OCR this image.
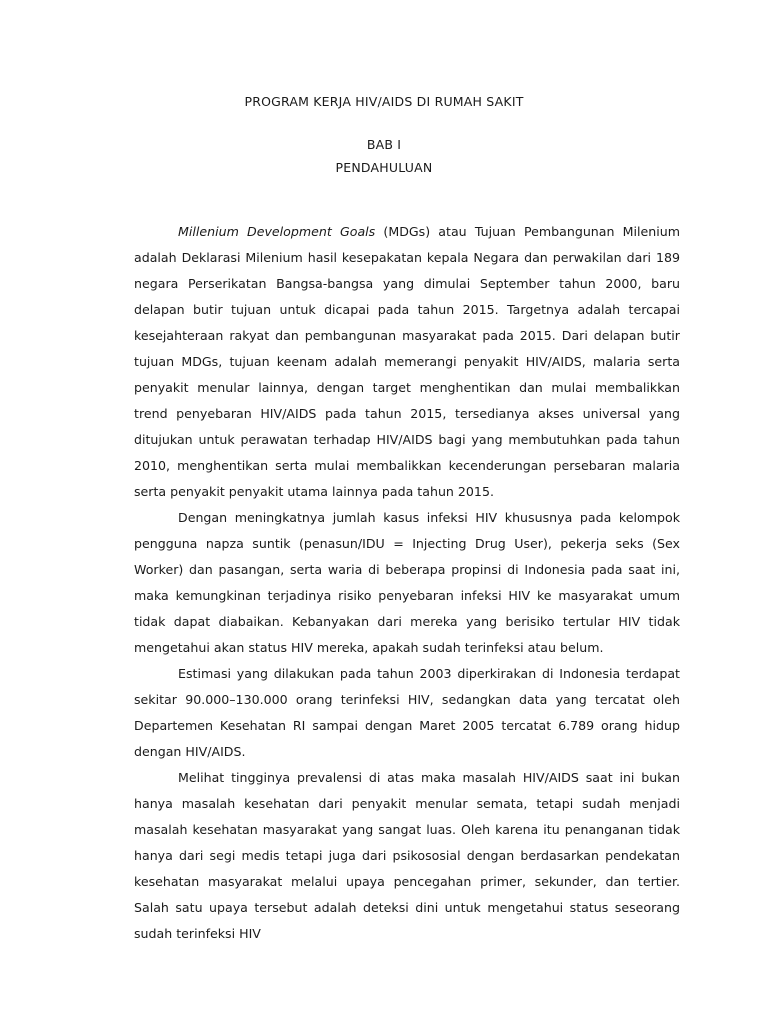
PROGRAM KERJA HIV/AIDS DI RUMAH SAKIT
BAB I
PENDAHULUAN

Millenium Development Goals (MDGs) atau Tujuan Pembangunan Milenium adalah Deklarasi Milenium hasil kesepakatan kepala Negara dan perwakilan dari 189 negara Perserikatan Bangsa-bangsa yang dimulai September tahun 2000, baru delapan butir tujuan untuk dicapai pada tahun 2015. Targetnya adalah tercapai kesejahteraan rakyat dan pembangunan masyarakat pada 2015. Dari delapan butir tujuan MDGs, tujuan keenam adalah memerangi penyakit HIV/AIDS, malaria serta penyakit menular lainnya, dengan target menghentikan dan mulai membalikkan trend penyebaran HIV/AIDS pada tahun 2015, tersedianya akses universal yang ditujukan untuk perawatan terhadap HIV/AIDS bagi yang membutuhkan pada tahun 2010, menghentikan serta mulai membalikkan kecenderungan persebaran malaria serta penyakit penyakit utama lainnya pada tahun 2015.

Dengan meningkatnya jumlah kasus infeksi HIV khususnya pada kelompok pengguna napza suntik (penasun/IDU = Injecting Drug User), pekerja seks (Sex Worker) dan pasangan, serta waria di beberapa propinsi di Indonesia pada saat ini, maka kemungkinan terjadinya risiko penyebaran infeksi HIV ke masyarakat umum tidak dapat diabaikan. Kebanyakan dari mereka yang berisiko tertular HIV tidak mengetahui akan status HIV mereka, apakah sudah terinfeksi atau belum.

Estimasi yang dilakukan pada tahun 2003 diperkirakan di Indonesia terdapat sekitar 90.000–130.000 orang terinfeksi HIV, sedangkan data yang tercatat oleh Departemen Kesehatan RI sampai dengan Maret 2005 tercatat 6.789 orang hidup dengan HIV/AIDS.

Melihat tingginya prevalensi di atas maka masalah HIV/AIDS saat ini bukan hanya masalah kesehatan dari penyakit menular semata, tetapi sudah menjadi masalah kesehatan masyarakat yang sangat luas. Oleh karena itu penanganan tidak hanya dari segi medis tetapi juga dari psikososial dengan berdasarkan pendekatan kesehatan masyarakat melalui upaya pencegahan primer, sekunder, dan tertier. Salah satu upaya tersebut adalah deteksi dini untuk mengetahui status seseorang sudah terinfeksi HIV
